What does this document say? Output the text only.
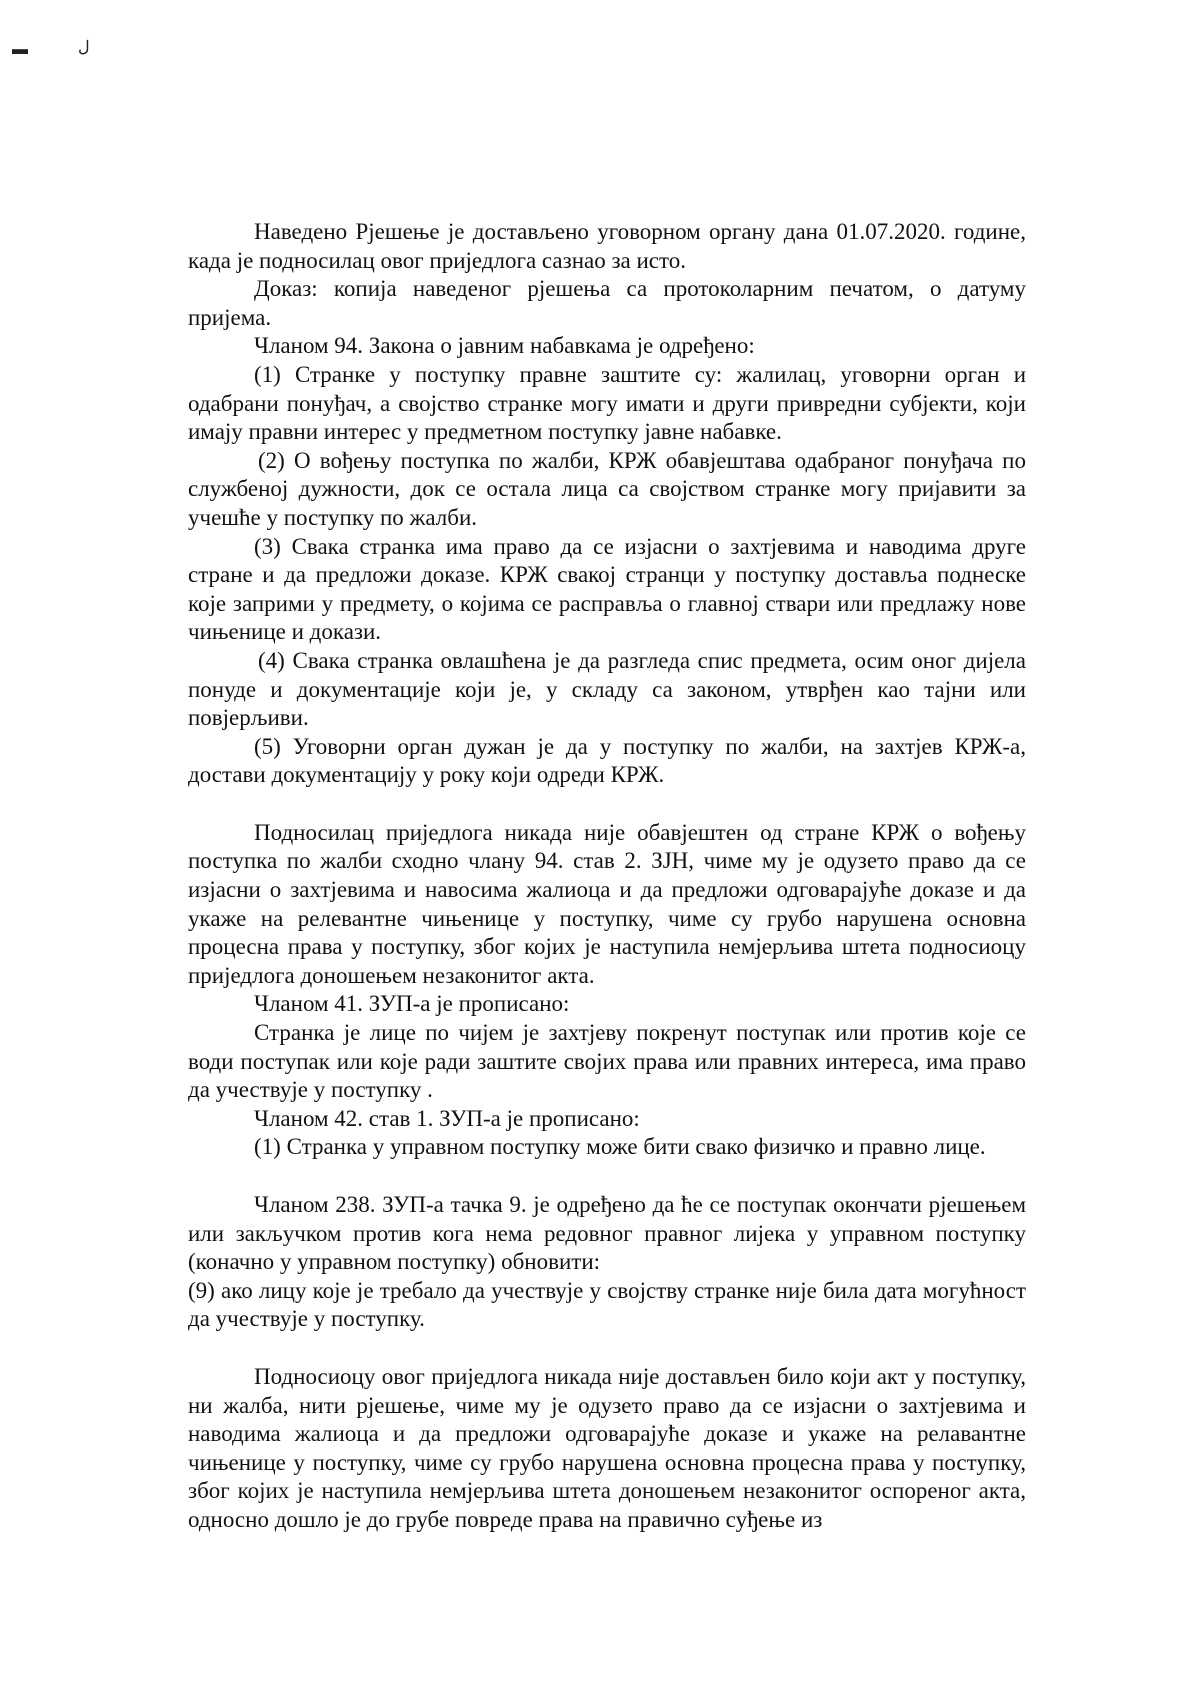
▬	ل

Наведено Рјешење је достављено уговорном органу дана 01.07.2020. године, када је подносилац овог приједлога сазнао за исто.

Доказ: копија наведеног рјешења са протоколарним печатом, о датуму пријема.

Чланом 94. Закона о јавним набавкама је одређено:

(1) Странке у поступку правне заштите су: жалилац, уговорни орган и одабрани понуђач, а својство странке могу имати и други привредни субјекти, који имају правни интерес у предметном поступку јавне набавке.

(2) О вођењу поступка по жалби, КРЖ обавјештава одабраног понуђача по службеној дужности, док се остала лица са својством странке могу пријавити за учешће у поступку по жалби.

(3) Свака странка има право да се изјасни о захтјевима и наводима друге стране и да предложи доказе. КРЖ свакој странци у поступку доставља поднеске које заприми у предмету, о којима се расправља о главној ствари или предлажу нове чињенице и докази.

(4) Свака странка овлашћена је да разгледа спис предмета, осим оног дијела понуде и документације који је, у складу са законом, утврђен као тајни или повјерљиви.

(5) Уговорни орган дужан је да у поступку по жалби, на захтјев КРЖ-а, достави документацију у року који одреди КРЖ.

Подносилац приједлога никада није обавјештен од стране КРЖ о вођењу поступка по жалби сходно члану 94. став 2. ЗЈН, чиме му је одузето право да се изјасни о захтјевима и навосима жалиоца и да предложи одговарајуће доказе и да укаже на релевантне чињенице у поступку, чиме су грубо нарушена основна процесна права у поступку, због којих је наступила немјерљива штета подносиоцу приједлога доношењем незаконитог акта.

Чланом 41. ЗУП-а је прописано:

Странка је лице по чијем је захтјеву покренут поступак или против које се води поступак или које ради заштите својих права или правних интереса, има право да учествује у поступку .

Чланом 42. став 1. ЗУП-а је прописано:

(1) Странка у управном поступку може бити свако физичко и правно лице.

Чланом 238. ЗУП-а тачка 9. је одређено да ће се поступак окончати рјешењем или закључком против кога нема редовног правног лијека у управном поступку (коначно у управном поступку) обновити:

(9) ако лицу које је требало да учествује у својству странке није била дата могућност да учествује у поступку.

Подносиоцу овог приједлога никада није достављен било који акт у поступку, ни жалба, нити рјешење, чиме му је одузето право да се изјасни о захтјевима и наводима жалиоца и да предложи одговарајуће доказе и укаже на релавантне чињенице у поступку, чиме су грубо нарушена основна процесна права у поступку, због којих је наступила немјерљива штета доношењем незаконитог оспореног акта, односно дошло је до грубе повреде права на правично суђење из
